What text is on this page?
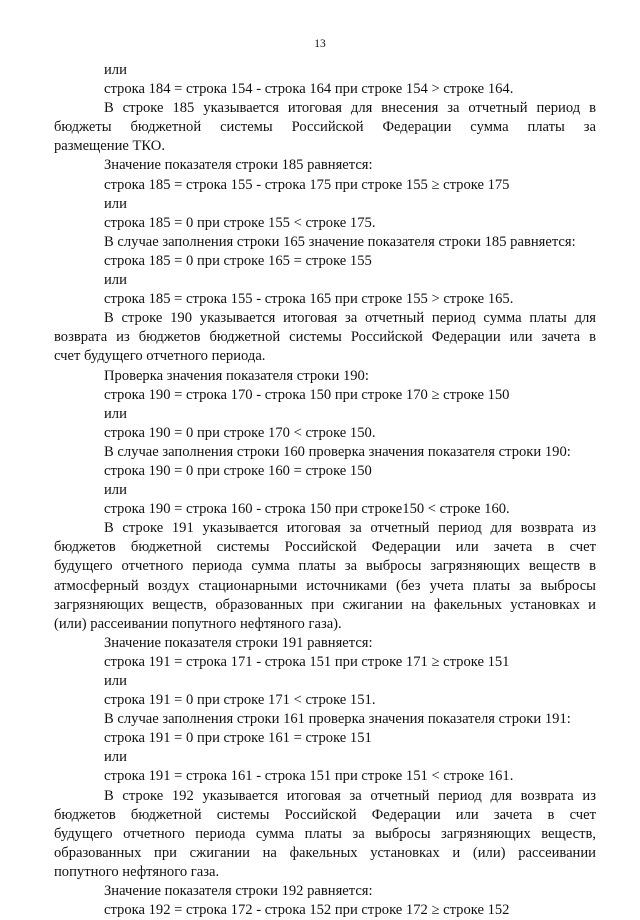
13
или
строка 184 = строка 154 - строка 164 при строке 154 > строке 164.
В строке 185 указывается итоговая для внесения за отчетный период в
бюджеты бюджетной системы Российской Федерации сумма платы за
размещение ТКО.
Значение показателя строки 185 равняется:
строка 185 = строка 155 - строка 175 при строке 155 ≥ строке 175
или
строка 185 = 0 при строке 155 < строке 175.
В случае заполнения строки 165 значение показателя строки 185 равняется:
строка 185 = 0 при строке 165 = строке 155
или
строка 185 = строка 155 - строка 165 при строке 155 > строке 165.
В строке 190 указывается итоговая за отчетный период сумма платы для
возврата из бюджетов бюджетной системы Российской Федерации или зачета в
счет будущего отчетного периода.
Проверка значения показателя строки 190:
строка 190 = строка 170 - строка 150 при строке 170 ≥ строке 150
или
строка 190 = 0 при строке 170 < строке 150.
В случае заполнения строки 160 проверка значения показателя строки 190:
строка 190 = 0 при строке 160 = строке 150
или
строка 190 = строка 160 - строка 150 при строке150 < строке 160.
В строке 191 указывается итоговая за отчетный период для возврата из
бюджетов бюджетной системы Российской Федерации или зачета в счет
будущего отчетного периода сумма платы за выбросы загрязняющих веществ в
атмосферный воздух стационарными источниками (без учета платы за выбросы
загрязняющих веществ, образованных при сжигании на факельных установках и
(или) рассеивании попутного нефтяного газа).
Значение показателя строки 191 равняется:
строка 191 = строка 171 - строка 151 при строке 171 ≥ строке 151
или
строка 191 = 0 при строке 171 < строке 151.
В случае заполнения строки 161 проверка значения показателя строки 191:
строка 191 = 0 при строке 161 = строке 151
или
строка 191 = строка 161 - строка 151 при строке 151 < строке 161.
В строке 192 указывается итоговая за отчетный период для возврата из
бюджетов бюджетной системы Российской Федерации или зачета в счет
будущего отчетного периода сумма платы за выбросы загрязняющих веществ,
образованных при сжигании на факельных установках и (или) рассеивании
попутного нефтяного газа.
Значение показателя строки 192 равняется:
строка 192 = строка 172 - строка 152 при строке 172 ≥ строке 152
